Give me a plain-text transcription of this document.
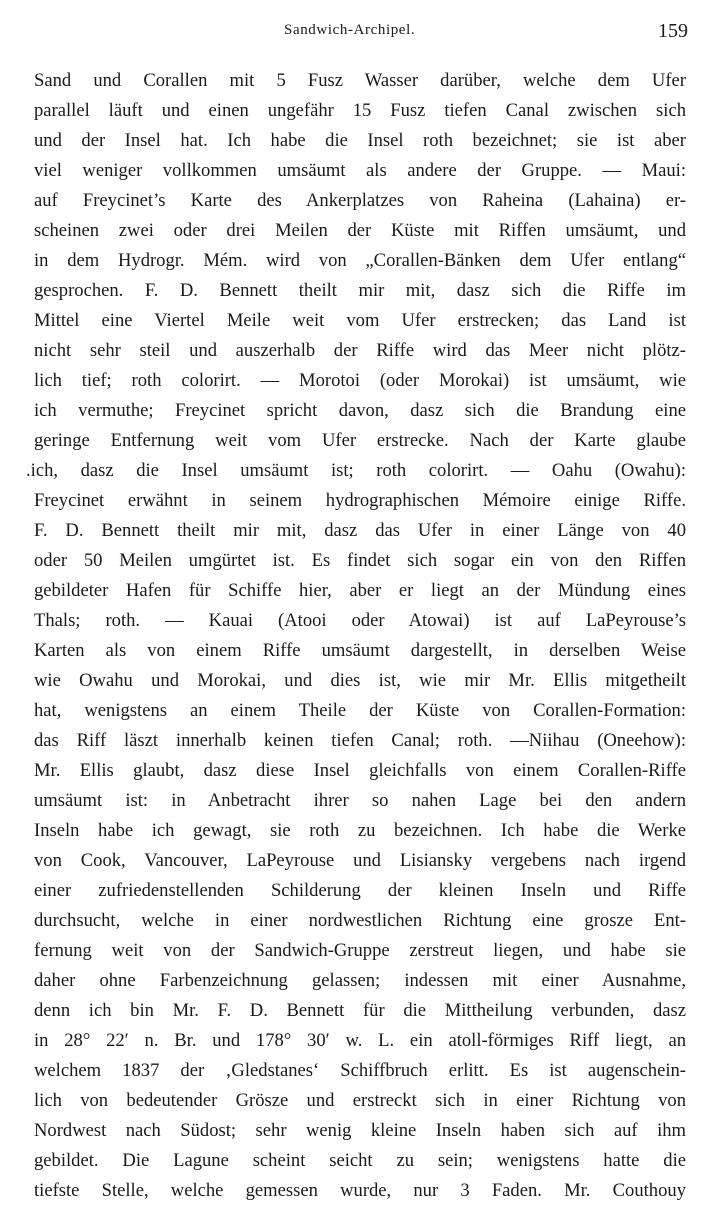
Sandwich-Archipel.	159
Sand und Corallen mit 5 Fusz Wasser darüber, welche dem Ufer
parallel läuft und einen ungefähr 15 Fusz tiefen Canal zwischen sich
und der Insel hat. Ich habe die Insel roth bezeichnet; sie ist aber
viel weniger vollkommen umsäumt als andere der Gruppe. — Maui:
auf Freycinet’s Karte des Ankerplatzes von Raheina (Lahaina) er-
scheinen zwei oder drei Meilen der Küste mit Riffen umsäumt, und
in dem Hydrogr. Mém. wird von „Corallen-Bänken dem Ufer entlang“
gesprochen. F. D. Bennett theilt mir mit, dasz sich die Riffe im
Mittel eine Viertel Meile weit vom Ufer erstrecken; das Land ist
nicht sehr steil und auszerhalb der Riffe wird das Meer nicht plötz-
lich tief; roth colorirt. — Morotoi (oder Morokai) ist umsäumt, wie
ich vermuthe; Freycinet spricht davon, dasz sich die Brandung eine
geringe Entfernung weit vom Ufer erstrecke. Nach der Karte glaube
.ich, dasz die Insel umsäumt ist; roth colorirt. — Oahu (Owahu):
Freycinet erwähnt in seinem hydrographischen Mémoire einige Riffe.
F. D. Bennett theilt mir mit, dasz das Ufer in einer Länge von 40
oder 50 Meilen umgürtet ist. Es findet sich sogar ein von den Riffen
gebildeter Hafen für Schiffe hier, aber er liegt an der Mündung eines
Thals; roth. — Kauai (Atooi oder Atowai) ist auf LaPeyrouse’s
Karten als von einem Riffe umsäumt dargestellt, in derselben Weise
wie Owahu und Morokai, und dies ist, wie mir Mr. Ellis mitgetheilt
hat, wenigstens an einem Theile der Küste von Corallen-Formation:
das Riff läszt innerhalb keinen tiefen Canal; roth. —Niihau (Oneehow):
Mr. Ellis glaubt, dasz diese Insel gleichfalls von einem Corallen-Riffe
umsäumt ist: in Anbetracht ihrer so nahen Lage bei den andern
Inseln habe ich gewagt, sie roth zu bezeichnen. Ich habe die Werke
von Cook, Vancouver, LaPeyrouse und Lisiansky vergebens nach irgend
einer zufriedenstellenden Schilderung der kleinen Inseln und Riffe
durchsucht, welche in einer nordwestlichen Richtung eine grosze Ent-
fernung weit von der Sandwich-Gruppe zerstreut liegen, und habe sie
daher ohne Farbenzeichnung gelassen; indessen mit einer Ausnahme,
denn ich bin Mr. F. D. Bennett für die Mittheilung verbunden, dasz
in 28° 22′ n. Br. und 178° 30′ w. L. ein atoll-förmiges Riff liegt, an
welchem 1837 der ‚Gledstanes‘ Schiffbruch erlitt. Es ist augenschein-
lich von bedeutender Grösze und erstreckt sich in einer Richtung von
Nordwest nach Südost; sehr wenig kleine Inseln haben sich auf ihm
gebildet. Die Lagune scheint seicht zu sein; wenigstens hatte die
tiefste Stelle, welche gemessen wurde, nur 3 Faden. Mr. Couthouy
